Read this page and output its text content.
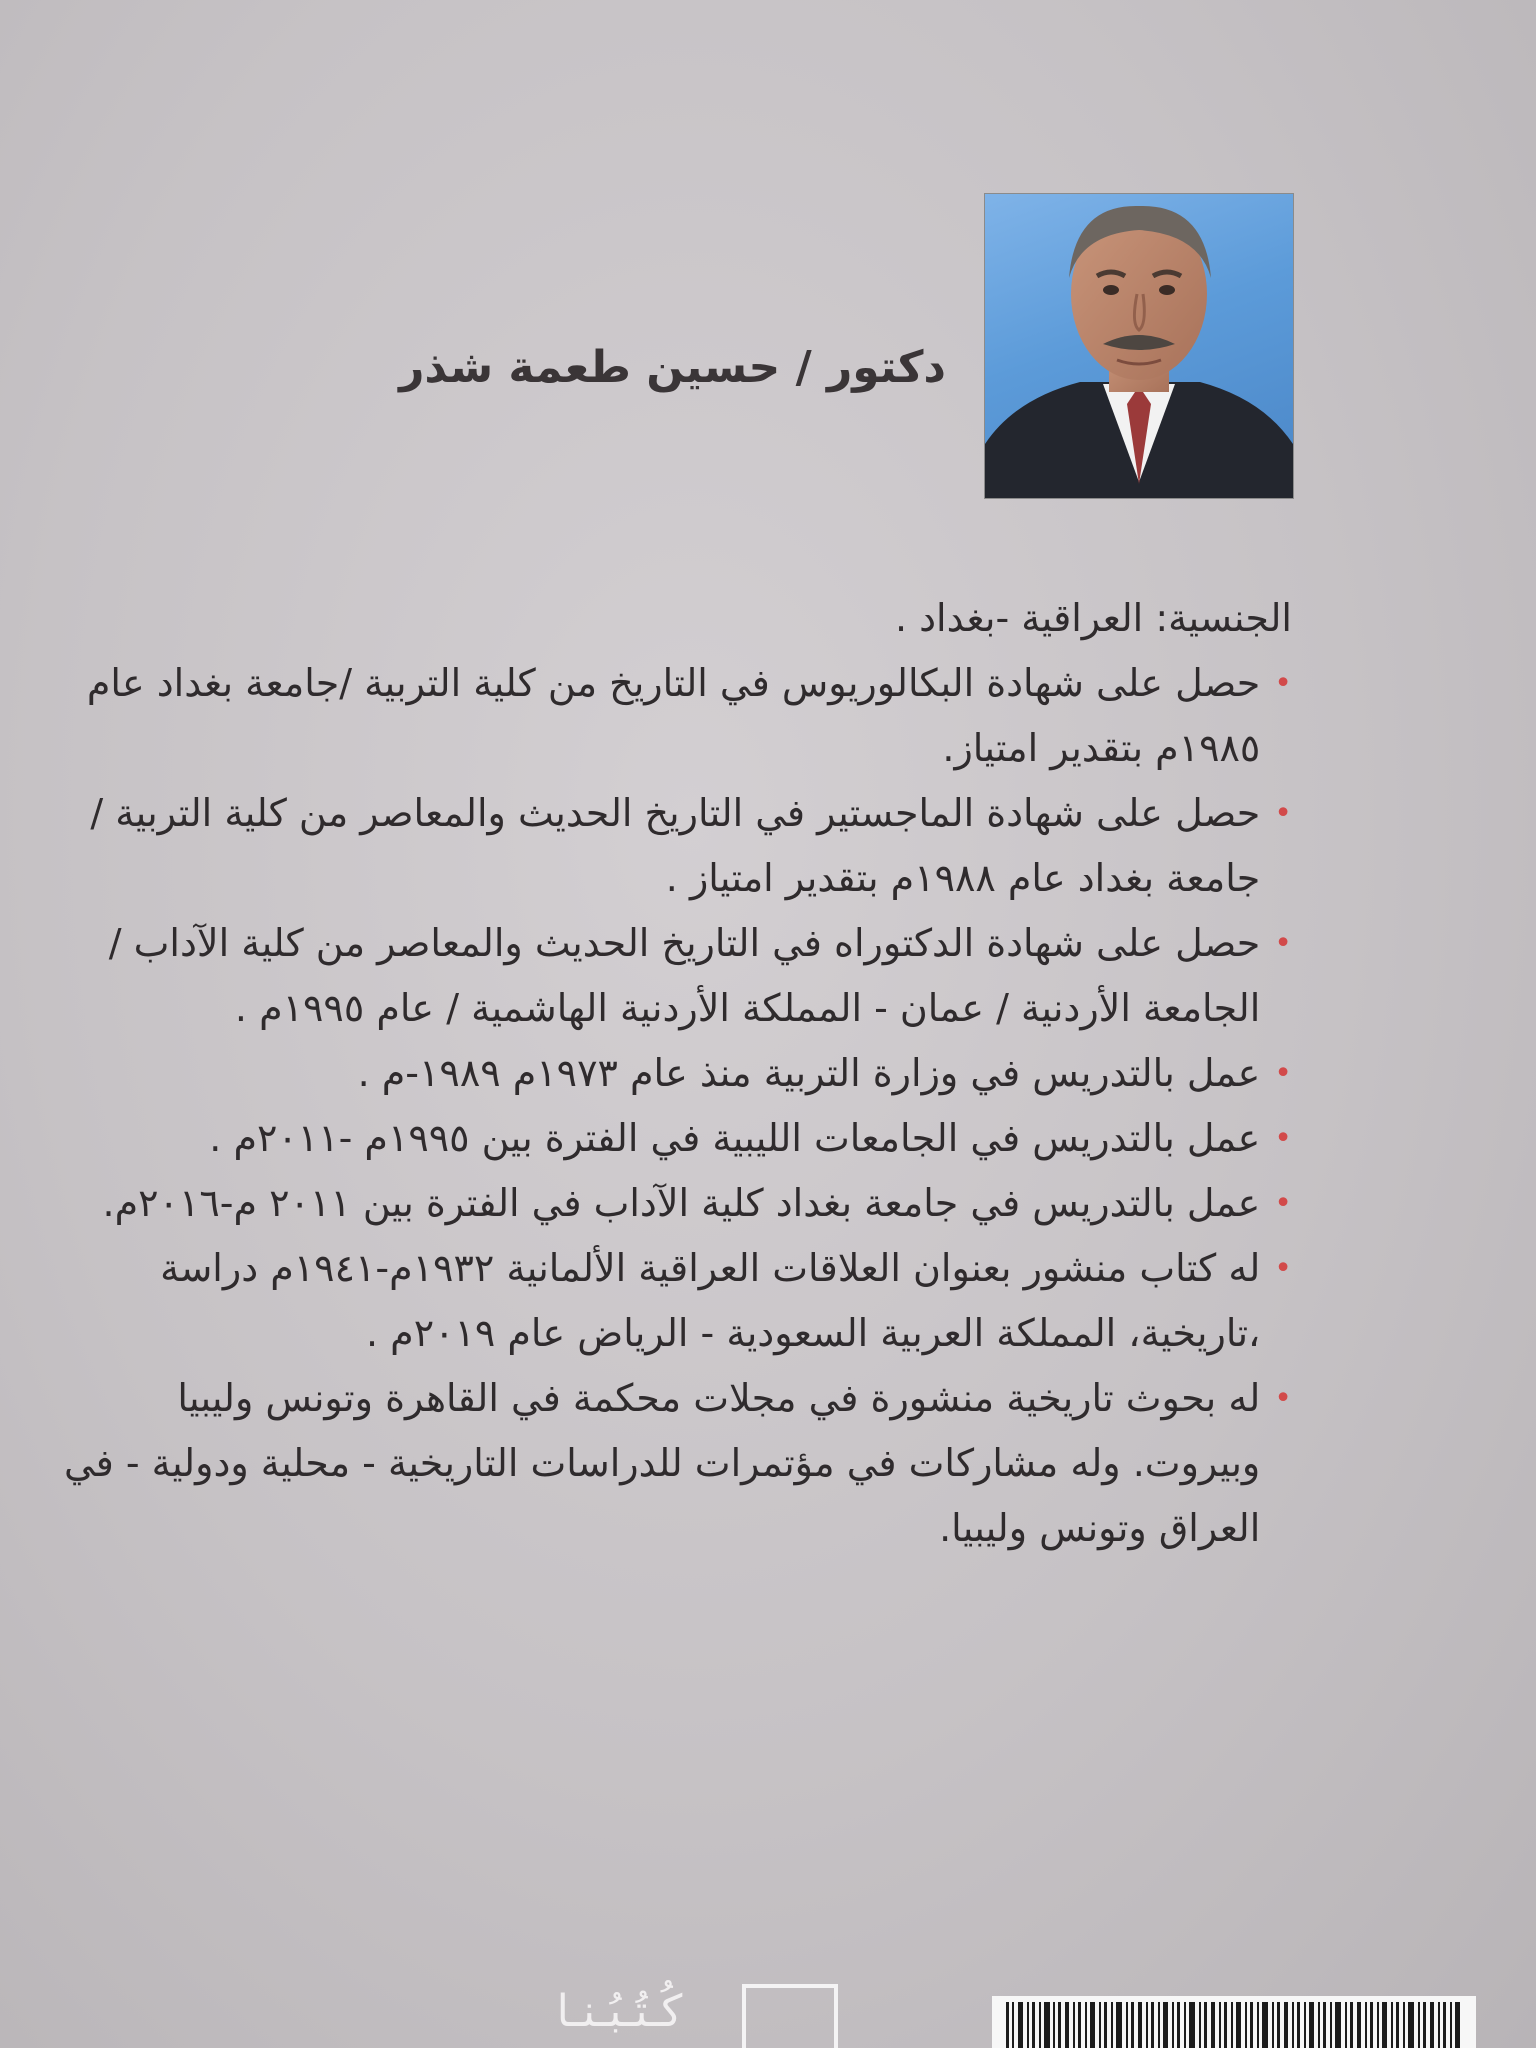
دكتور / حسين طعمة شذر

الجنسية: العراقية -بغداد .

•
حصل على شهادة البكالوريوس في التاريخ من كلية التربية /جامعة بغداد عام ١٩٨٥م بتقدير امتياز.
•
حصل على شهادة الماجستير في التاريخ الحديث والمعاصر من كلية التربية / جامعة بغداد عام ١٩٨٨م بتقدير امتياز .
•
حصل على شهادة الدكتوراه في التاريخ الحديث والمعاصر من كلية الآداب / الجامعة الأردنية / عمان - المملكة الأردنية الهاشمية / عام ١٩٩٥م .
•
عمل بالتدريس في وزارة التربية منذ عام ١٩٧٣م ١٩٨٩-م .
•
عمل بالتدريس في الجامعات الليبية في الفترة بين ١٩٩٥م -٢٠١١م .
•
عمل بالتدريس في جامعة بغداد كلية الآداب في الفترة بين ٢٠١١ م-٢٠١٦م.
•
له كتاب منشور بعنوان العلاقات العراقية الألمانية ١٩٣٢م-١٩٤١م دراسة ،تاريخية، المملكة العربية السعودية - الرياض عام ٢٠١٩م .
•
له بحوث تاريخية منشورة في مجلات محكمة في القاهرة وتونس وليبيا وبيروت. وله مشاركات في مؤتمرات للدراسات التاريخية - محلية ودولية - في العراق وتونس وليبيا.
كُـتُـبُـنـا
